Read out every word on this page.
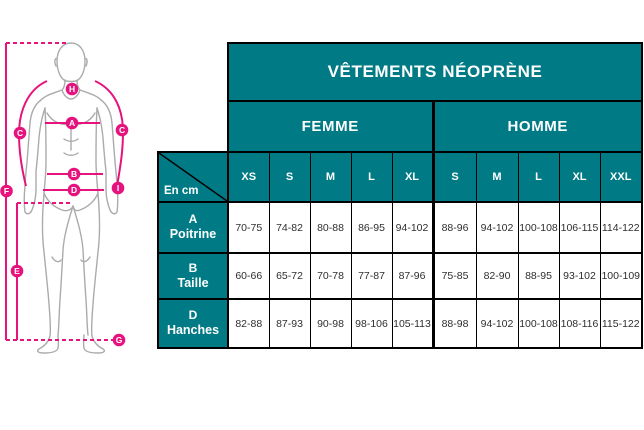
H
A
C	C
B
D	I
F
E
G
	VÊTEMENTS NÉOPRÈNE									
	FEMME					HOMME				

En cm	XS	S	M	L	XL	S	M	L	XL	XXL

A
Poitrine	70-75	74-82	80-88	86-95	94-102	88-96	94-102	100-108	106-115	114-122

B
Taille	60-66	65-72	70-78	77-87	87-96	75-85	82-90	88-95	93-102	100-109

D
Hanches	82-88	87-93	90-98	98-106	105-113	88-98	94-102	100-108	108-116	115-122
